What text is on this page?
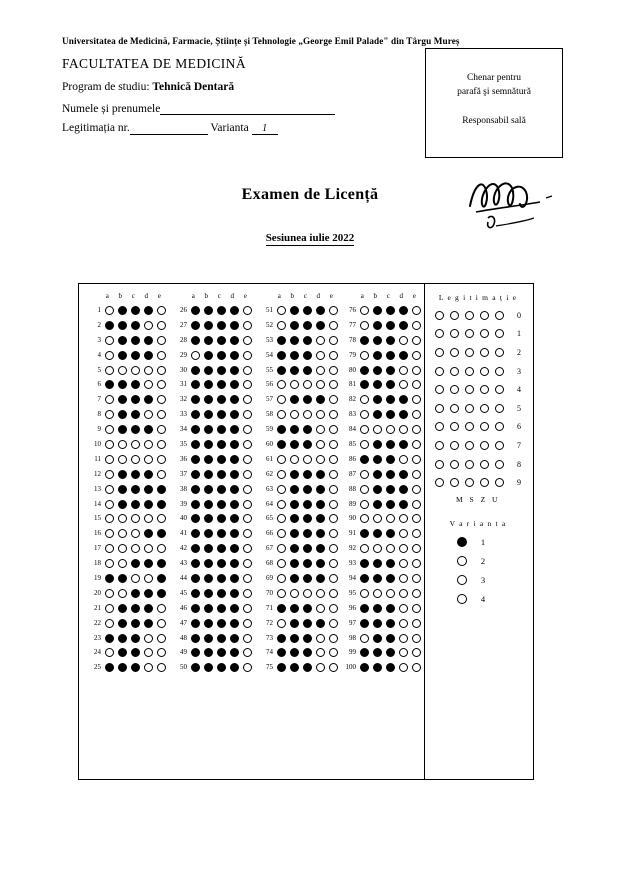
Universitatea de Medicină, Farmacie, Științe și Tehnologie „George Emil Palade" din Târgu Mureș
FACULTATEA DE MEDICINĂ
Program de studiu: Tehnică Dentară
Numele și prenumele
Legitimația nr.	Varianta 1
Chenar pentru
parafă şi semnătură
Responsabil sală
Examen de Licență
Sesiunea iulie 2022
a b c d e
1
2
3
4
5
6
7
8
9
10
11
12
13
14
15
16
17
18
19
20
21
22
23
24
25
a b c d e
26
27
28
29
30
31
32
33
34
35
36
37
38
39
40
41
42
43
44
45
46
47
48
49
50
a b c d e
51
52
53
54
55
56
57
58
59
60
61
62
63
64
65
66
67
68
69
70
71
72
73
74
75
a b c d e
76
77
78
79
80
81
82
83
84
85
86
87
88
89
90
91
92
93
94
95
96
97
98
99
100
L e g i t i m a ț i e
0
1
2
3
4
5
6
7
8
9
M S Z U
V a r i a n t a
1
2
3
4
